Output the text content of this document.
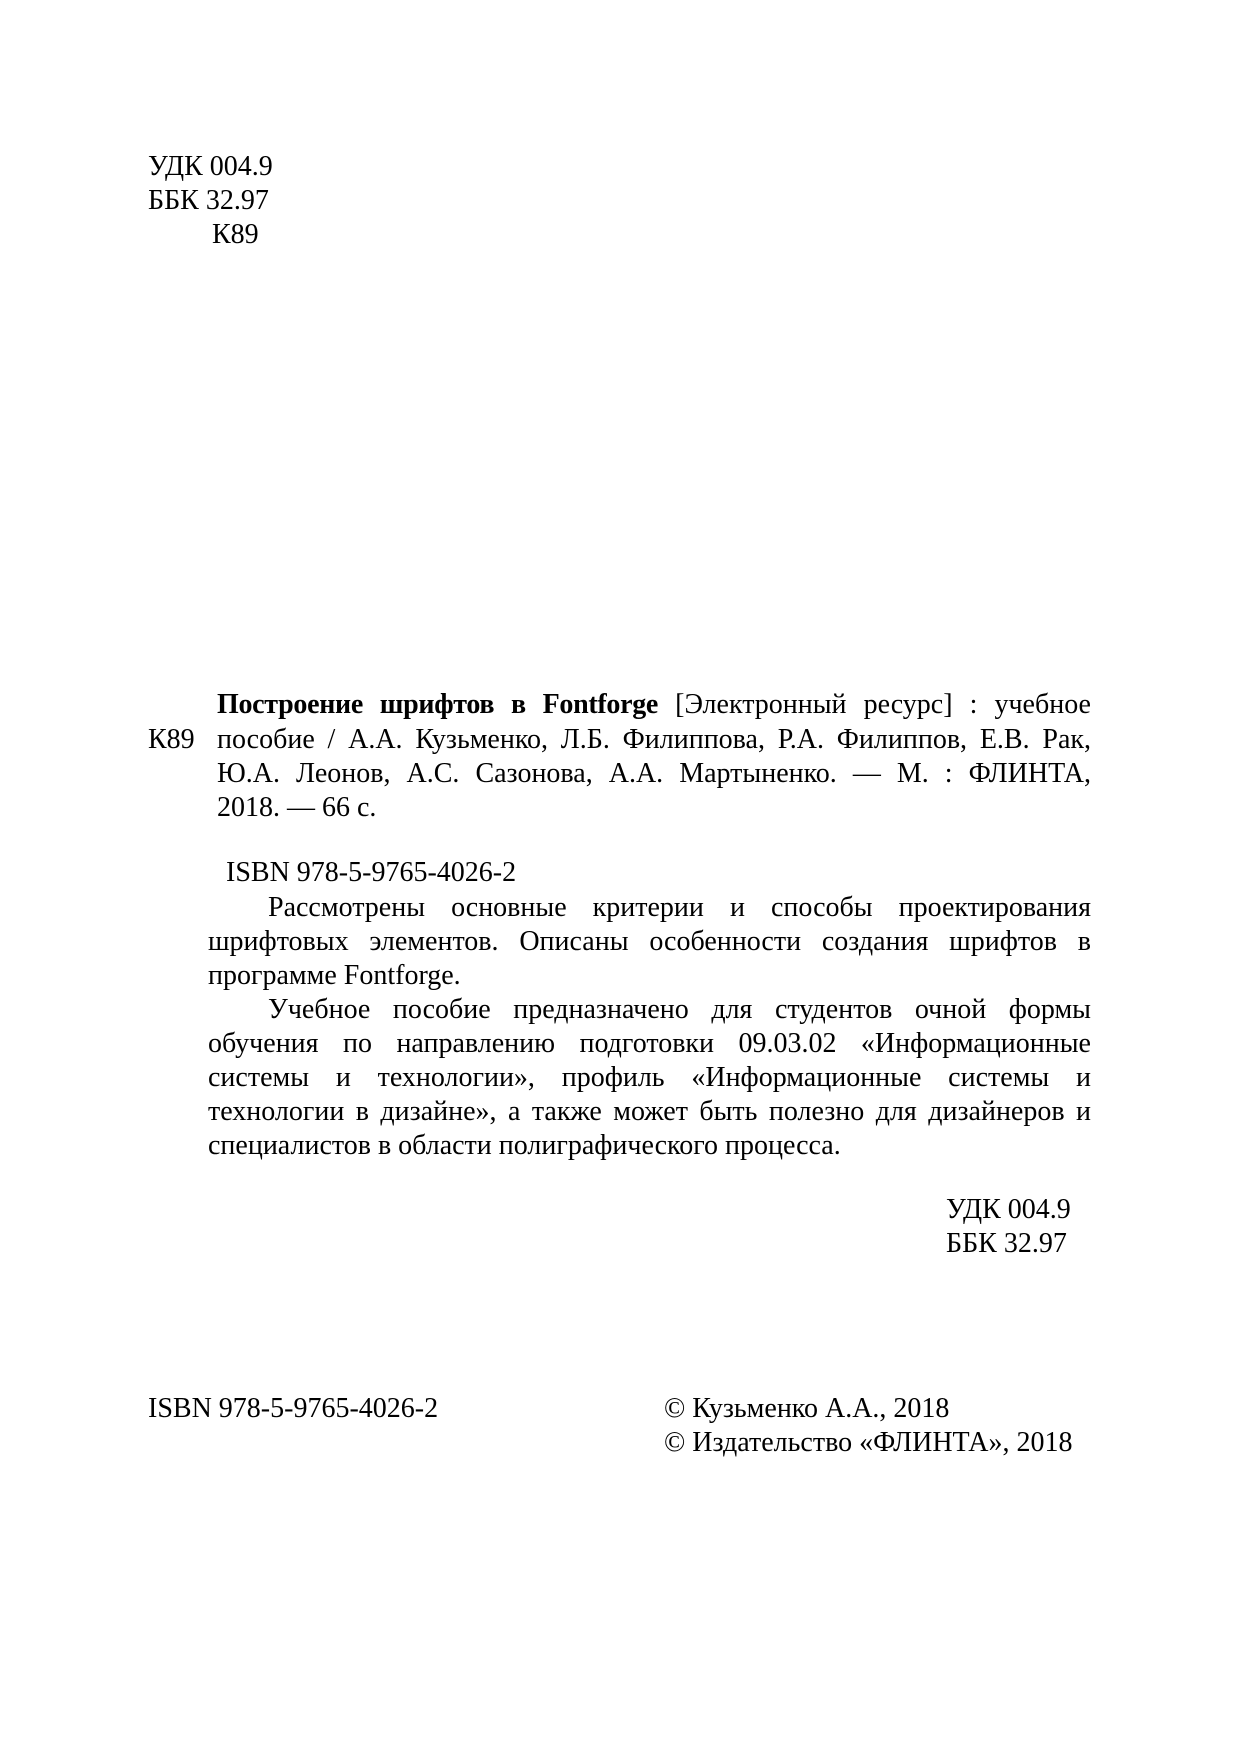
УДК 004.9
ББК 32.97
К89
К89
Построение шрифтов в Fontforge [Электронный ресурс] : учебное
пособие / А.А. Кузьменко, Л.Б. Филиппова, Р.А. Филиппов, Е.В. Рак,
Ю.А. Леонов, А.С. Сазонова, А.А. Мартыненко. — М. : ФЛИНТА,
2018. — 66 с.
ISBN 978-5-9765-4026-2
Рассмотрены основные критерии и способы проектирования
шрифтовых элементов. Описаны особенности создания шрифтов в
программе Fontforge.
Учебное пособие предназначено для студентов очной формы
обучения по направлению подготовки 09.03.02 «Информационные
системы и технологии», профиль «Информационные системы и
технологии в дизайне», а также может быть полезно для дизайнеров и
специалистов в области полиграфического процесса.
УДК 004.9
ББК 32.97
ISBN 978-5-9765-4026-2	© Кузьменко А.А., 2018
© Издательство «ФЛИНТА», 2018
